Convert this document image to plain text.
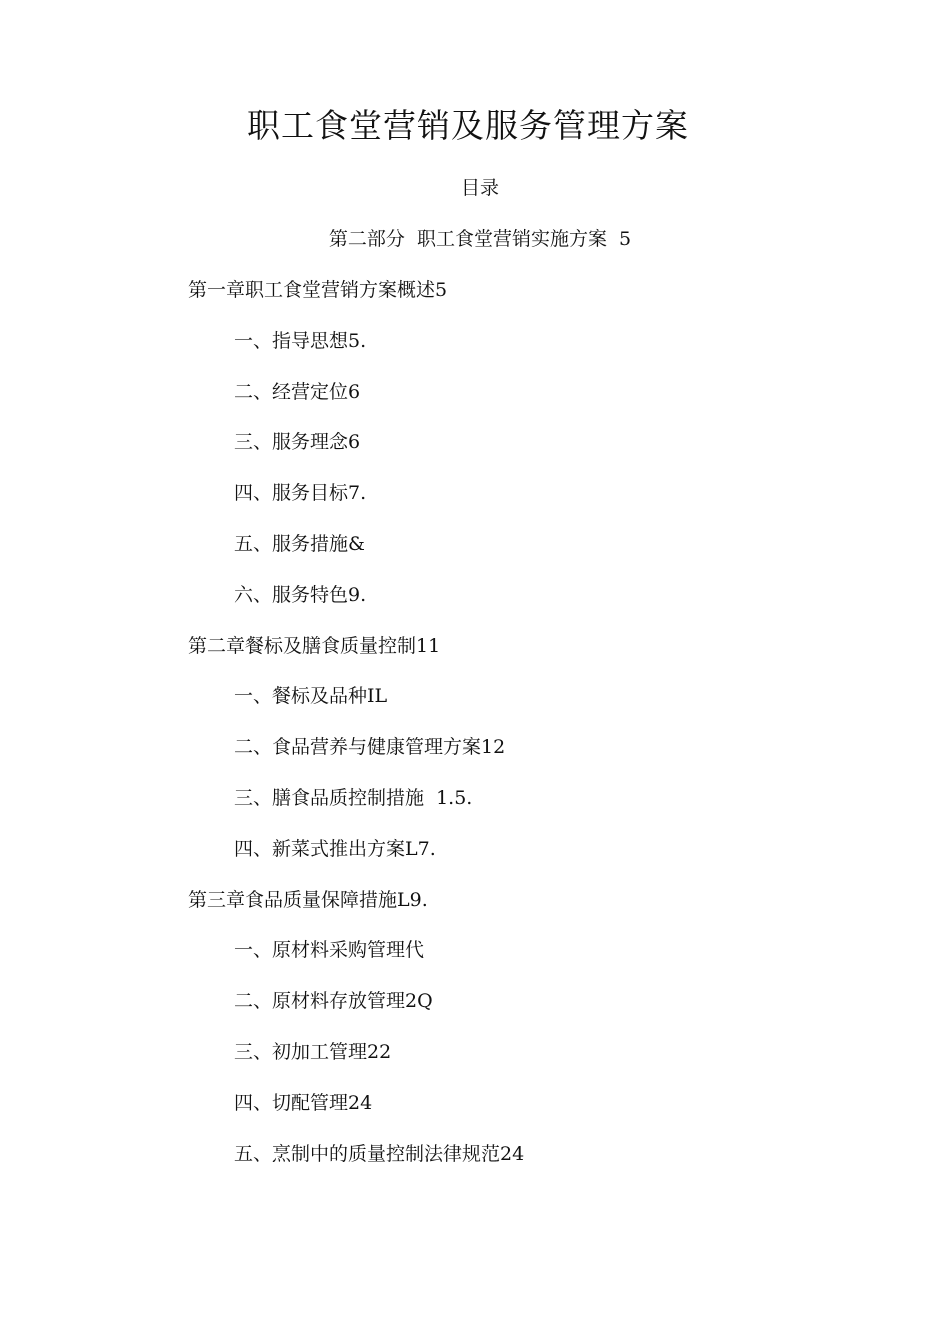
职工食堂营销及服务管理方案
目录
第二部分  职工食堂营销实施方案  5
第一章职工食堂营销方案概述5
一、指导思想5.
二、经营定位6
三、服务理念6
四、服务目标7.
五、服务措施&
六、服务特色9.
第二章餐标及膳食质量控制11
一、餐标及品种IL
二、食品营养与健康管理方案12
三、膳食品质控制措施  1.5.
四、新菜式推出方案L7.
第三章食品质量保障措施L9.
一、原材料采购管理代
二、原材料存放管理2Q
三、初加工管理22
四、切配管理24
五、烹制中的质量控制法律规范24
